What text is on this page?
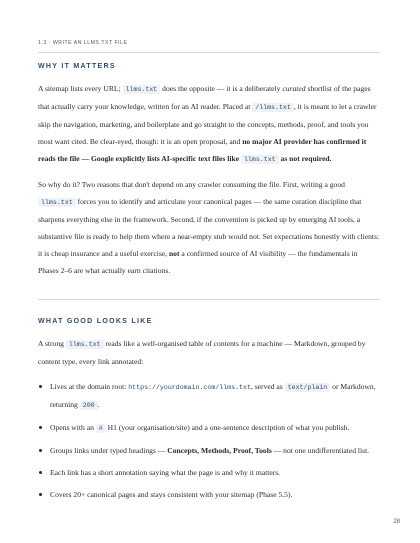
1.3 · WRITE AN LLMS.TXT FILE
WHY IT MATTERS

A sitemap lists every URL; llms.txt does the opposite — it is a deliberately curated shortlist of the pages that actually carry your knowledge, written for an AI reader. Placed at /llms.txt , it is meant to let a crawler skip the navigation, marketing, and boilerplate and go straight to the concepts, methods, proof, and tools you most want cited. Be clear-eyed, though: it is an open proposal, and no major AI provider has confirmed it reads the file — Google explicitly lists AI-specific text files like llms.txt as not required.

So why do it? Two reasons that don't depend on any crawler consuming the file. First, writing a good llms.txt forces you to identify and articulate your canonical pages — the same curation discipline that sharpens everything else in the framework. Second, if the convention is picked up by emerging AI tools, a substantive file is ready to help them where a near-empty stub would not. Set expectations honestly with clients: it is cheap insurance and a useful exercise, not a confirmed source of AI visibility — the fundamentals in Phases 2–6 are what actually earn citations.

WHAT GOOD LOOKS LIKE

A strong llms.txt reads like a well-organised table of contents for a machine — Markdown, grouped by content type, every link annotated:

Lives at the domain root: https://yourdomain.com/llms.txt, served as text/plain or Markdown, returning 200 .
Opens with an # H1 (your organisation/site) and a one-sentence description of what you publish.
Groups links under typed headings — Concepts, Methods, Proof, Tools — not one undifferentiated list.
Each link has a short annotation saying what the page is and why it matters.
Covers 20+ canonical pages and stays consistent with your sitemap (Phase 5.5).
28
